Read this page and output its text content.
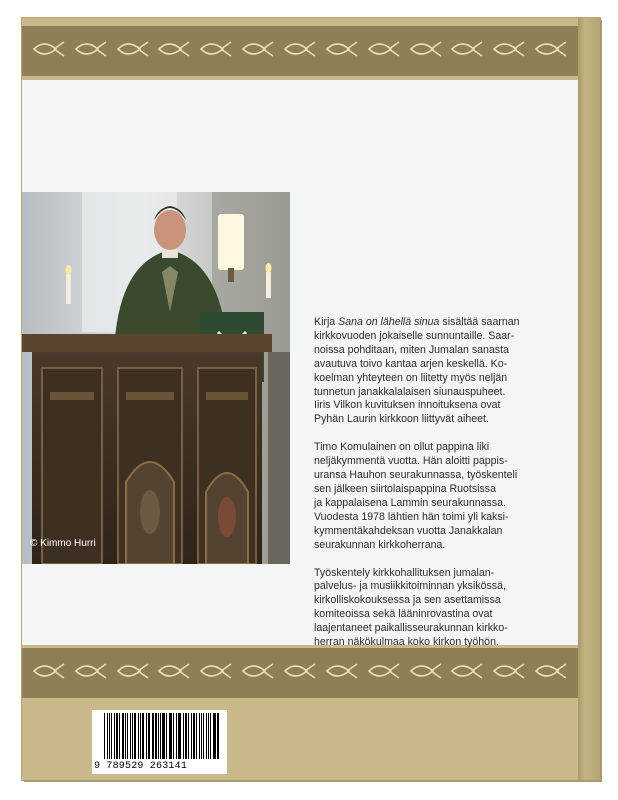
© Kimmo Hurri

Kirja Sana on lähellä sinua sisältää saarnan
kirkkovuoden jokaiselle sunnuntaille. Saar-
noissa pohditaan, miten Jumalan sanasta
avautuva toivo kantaa arjen keskellä. Ko-
koelman yhteyteen on liitetty myös neljän
tunnetun janakkalalaisen siunauspuheet.
Iiris Vilkon kuvituksen innoituksena ovat
Pyhän Laurin kirkkoon liittyvät aiheet.

Timo Komulainen on ollut pappina liki
neljäkymmentä vuotta. Hän aloitti pappis-
uransa Hauhon seurakunnassa, työskenteli
sen jälkeen siirtolaispappina Ruotsissa
ja kappalaisena Lammin seurakunnassa.
Vuodesta 1978 lähtien hän toimi yli kaksi-
kymmentäkahdeksan vuotta Janakkalan
seurakunnan kirkkoherrana.

Työskentely kirkkohallituksen jumalan-
palvelus- ja musiikkitoiminnan yksikössä,
kirkolliskokouksessa ja sen asettamissa
komiteoissa sekä lääninrovastina ovat
laajentaneet paikallisseurakunnan kirkko-
herran näkökulmaa koko kirkon työhön.

9 789529 263141
